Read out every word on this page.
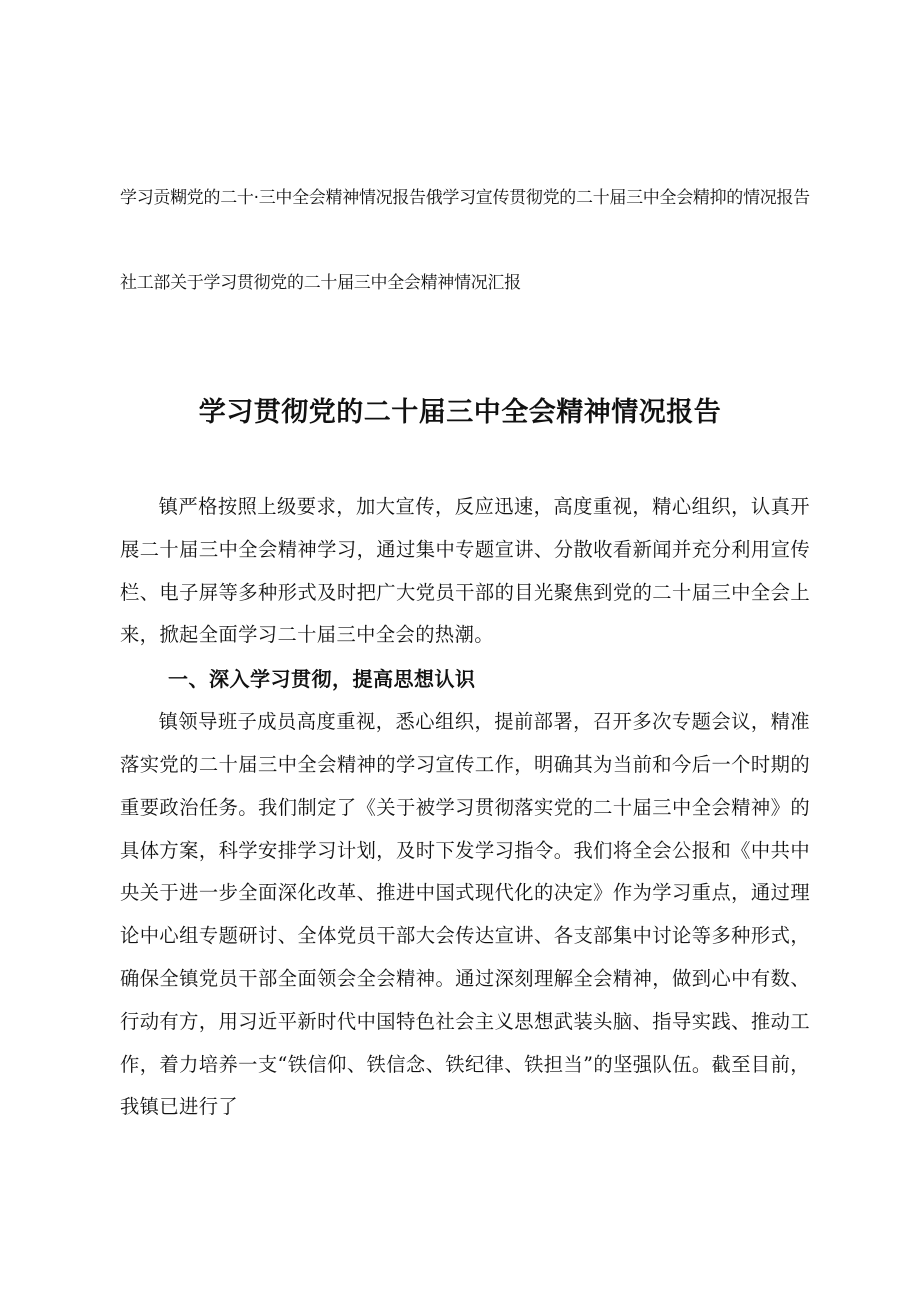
学习贡糊党的二十·三中全会精神情况报告俄学习宣传贯彻党的二十届三中全会精抑的情况报告

社工部关于学习贯彻党的二十届三中全会精神情况汇报

学习贯彻党的二十届三中全会精神情况报告

镇严格按照上级要求，加大宣传，反应迅速，高度重视，精心组织，认真开展二十届三中全会精神学习，通过集中专题宣讲、分散收看新闻并充分利用宣传栏、电子屏等多种形式及时把广大党员干部的目光聚焦到党的二十届三中全会上来，掀起全面学习二十届三中全会的热潮。

一、深入学习贯彻，提高思想认识

镇领导班子成员高度重视，悉心组织，提前部署，召开多次专题会议，精准落实党的二十届三中全会精神的学习宣传工作，明确其为当前和今后一个时期的重要政治任务。我们制定了《关于被学习贯彻落实党的二十届三中全会精神》的具体方案，科学安排学习计划，及时下发学习指令。我们将全会公报和《中共中央关于进一步全面深化改革、推进中国式现代化的决定》作为学习重点，通过理论中心组专题研讨、全体党员干部大会传达宣讲、各支部集中讨论等多种形式，确保全镇党员干部全面领会全会精神。通过深刻理解全会精神，做到心中有数、行动有方，用习近平新时代中国特色社会主义思想武装头脑、指导实践、推动工作，着力培养一支“铁信仰、铁信念、铁纪律、铁担当”的坚强队伍。截至目前，我镇已进行了
